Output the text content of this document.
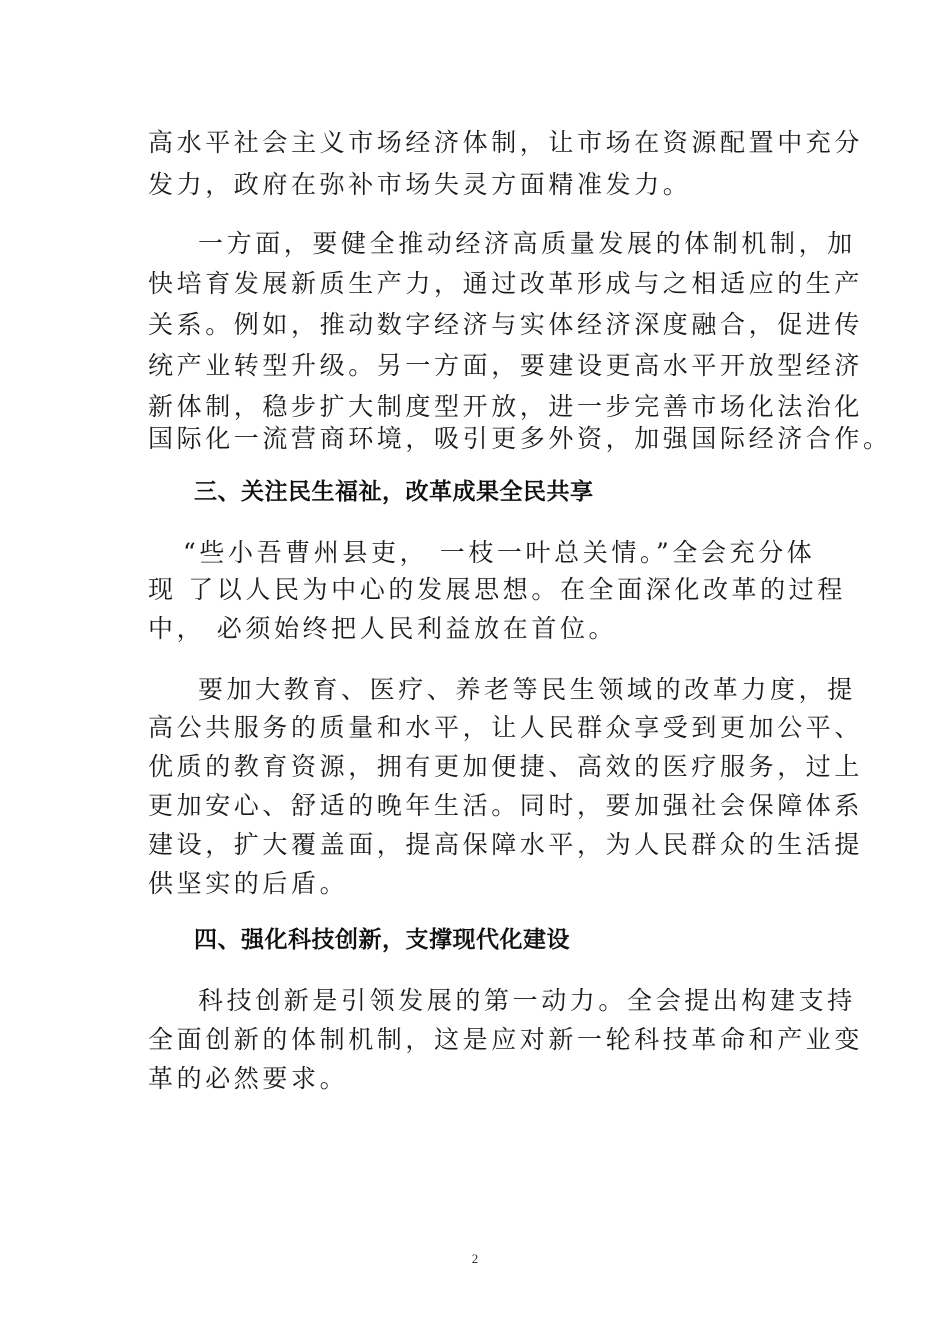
高水平社会主义市场经济体制，让市场在资源配置中充分
发力，政府在弥补市场失灵方面精准发力。
一方面，要健全推动经济高质量发展的体制机制，加
快培育发展新质生产力，通过改革形成与之相适应的生产
关系。例如，推动数字经济与实体经济深度融合，促进传
统产业转型升级。另一方面，要建设更高水平开放型经济
新体制，稳步扩大制度型开放，进一步完善市场化法治化
国际化一流营商环境，吸引更多外资，加强国际经济合作。
三、关注民生福祉，改革成果全民共享
“些小吾曹州县吏， 一枝一叶总关情。”全会充分体
现 了以人民为中心的发展思想。在全面深化改革的过程
中， 必须始终把人民利益放在首位。
要加大教育、医疗、养老等民生领域的改革力度，提
高公共服务的质量和水平，让人民群众享受到更加公平、
优质的教育资源，拥有更加便捷、高效的医疗服务，过上
更加安心、舒适的晚年生活。同时，要加强社会保障体系
建设，扩大覆盖面，提高保障水平，为人民群众的生活提
供坚实的后盾。
四、强化科技创新，支撑现代化建设
科技创新是引领发展的第一动力。全会提出构建支持
全面创新的体制机制，这是应对新一轮科技革命和产业变
革的必然要求。
2
